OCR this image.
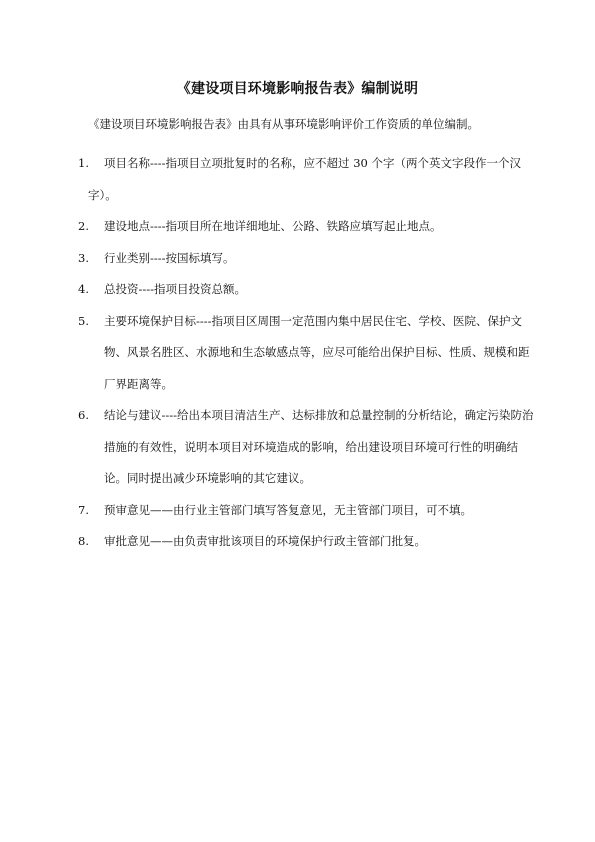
《建设项目环境影响报告表》编制说明
《建设项目环境影响报告表》由具有从事环境影响评价工作资质的单位编制。
1.	项目名称----指项目立项批复时的名称，应不超过 30 个字（两个英文字段作一个汉字）。
2. 建设地点----指项目所在地详细地址、公路、铁路应填写起止地点。
3. 行业类别----按国标填写。
4. 总投资----指项目投资总额。
5. 主要环境保护目标----指项目区周围一定范围内集中居民住宅、学校、医院、保护文物、风景名胜区、水源地和生态敏感点等，应尽可能给出保护目标、性质、规模和距厂界距离等。
6. 结论与建议----给出本项目清洁生产、达标排放和总量控制的分析结论，确定污染防治措施的有效性，说明本项目对环境造成的影响，给出建设项目环境可行性的明确结论。同时提出减少环境影响的其它建议。
7. 预审意见——由行业主管部门填写答复意见，无主管部门项目，可不填。
8. 审批意见——由负责审批该项目的环境保护行政主管部门批复。
